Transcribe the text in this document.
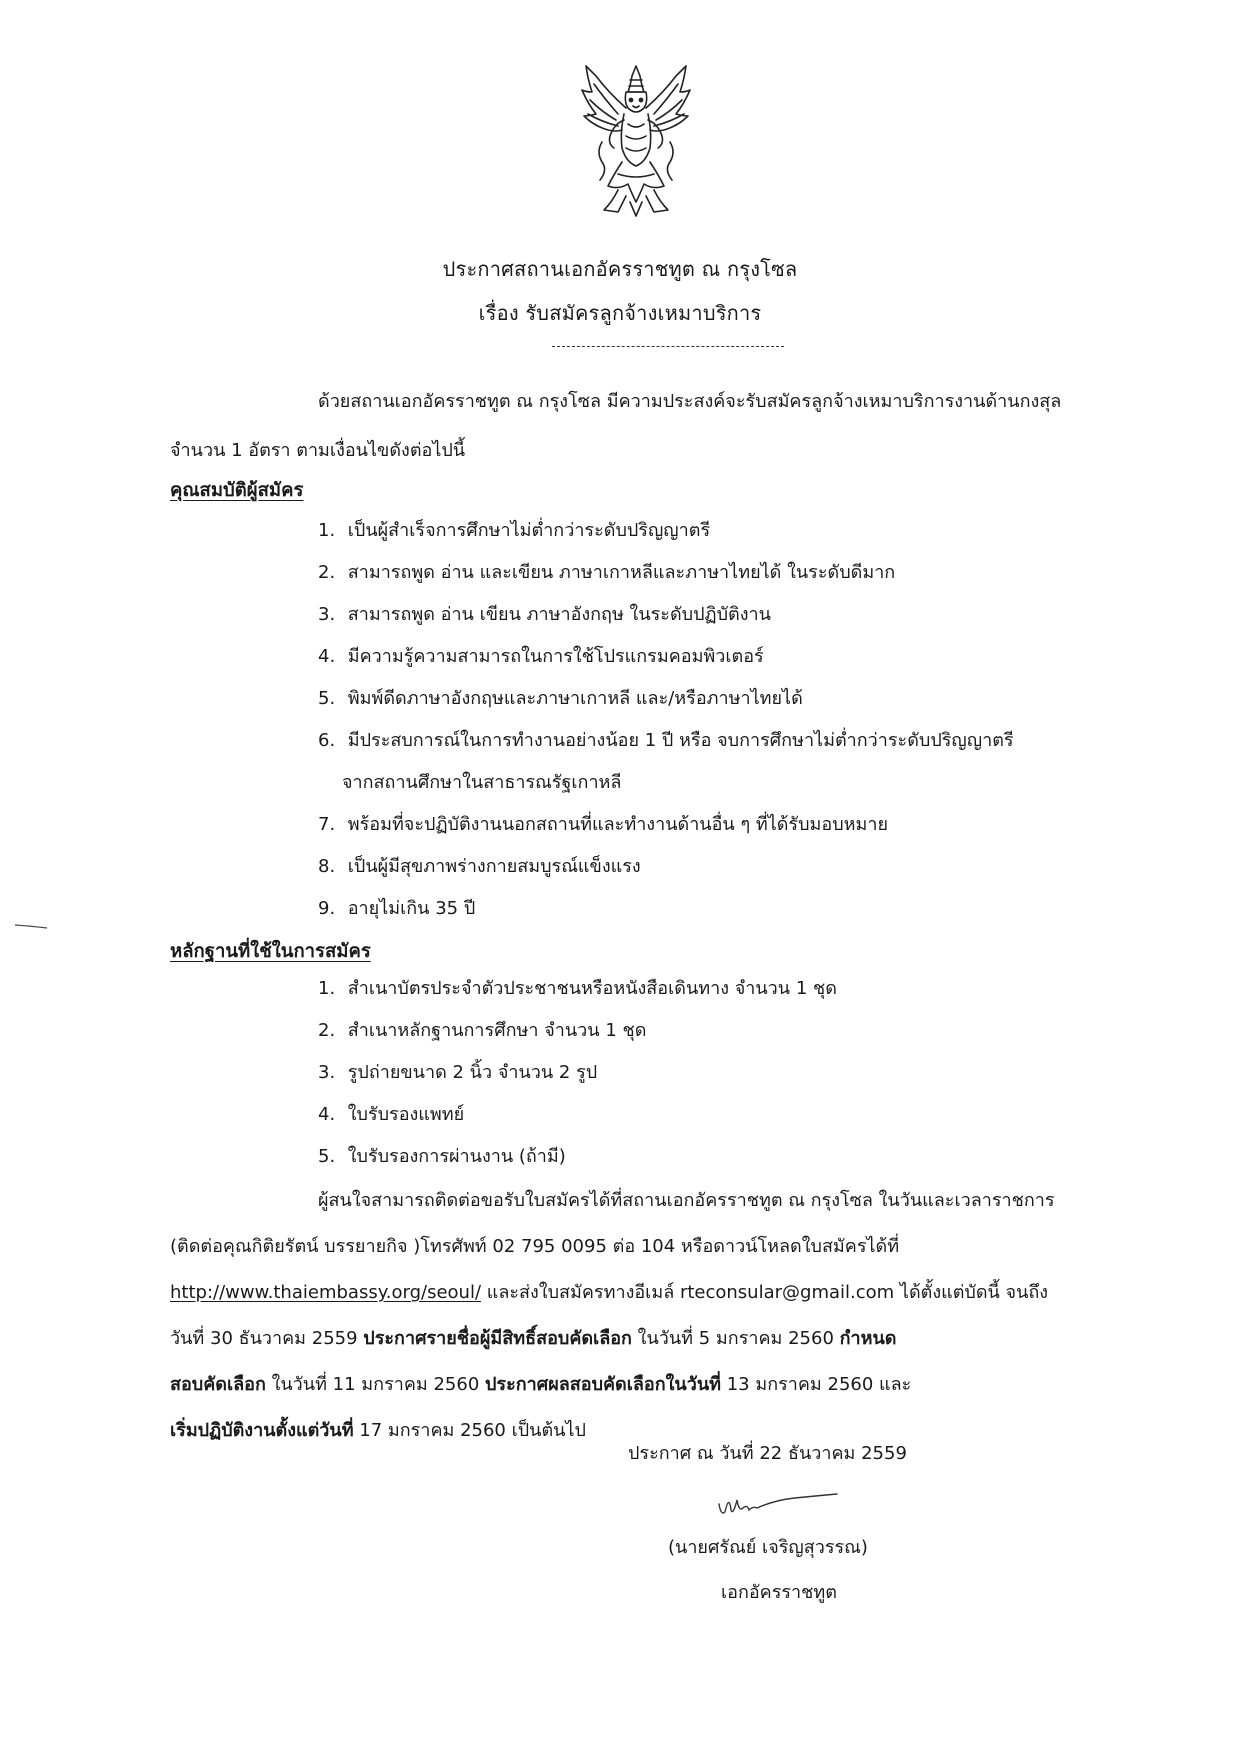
ประกาศสถานเอกอัครราชทูต ณ กรุงโซล
เรื่อง รับสมัครลูกจ้างเหมาบริการ
ด้วยสถานเอกอัครราชทูต ณ กรุงโซล มีความประสงค์จะรับสมัครลูกจ้างเหมาบริการงานด้านกงสุล
จำนวน 1 อัตรา ตามเงื่อนไขดังต่อไปนี้
คุณสมบัติผู้สมัคร
1. เป็นผู้สำเร็จการศึกษาไม่ต่ำกว่าระดับปริญญาตรี
2. สามารถพูด อ่าน และเขียน ภาษาเกาหลีและภาษาไทยได้ ในระดับดีมาก
3. สามารถพูด อ่าน เขียน ภาษาอังกฤษ ในระดับปฏิบัติงาน
4. มีความรู้ความสามารถในการใช้โปรแกรมคอมพิวเตอร์
5. พิมพ์ดีดภาษาอังกฤษและภาษาเกาหลี และ/หรือภาษาไทยได้
6. มีประสบการณ์ในการทำงานอย่างน้อย 1 ปี หรือ จบการศึกษาไม่ต่ำกว่าระดับปริญญาตรี
จากสถานศึกษาในสาธารณรัฐเกาหลี
7. พร้อมที่จะปฏิบัติงานนอกสถานที่และทำงานด้านอื่น ๆ ที่ได้รับมอบหมาย
8. เป็นผู้มีสุขภาพร่างกายสมบูรณ์แข็งแรง
9. อายุไม่เกิน 35 ปี
หลักฐานที่ใช้ในการสมัคร
1. สำเนาบัตรประจำตัวประชาชนหรือหนังสือเดินทาง จำนวน 1 ชุด
2. สำเนาหลักฐานการศึกษา จำนวน 1 ชุด
3. รูปถ่ายขนาด 2 นิ้ว จำนวน 2 รูป
4. ใบรับรองแพทย์
5. ใบรับรองการผ่านงาน (ถ้ามี)
ผู้สนใจสามารถติดต่อขอรับใบสมัครได้ที่สถานเอกอัครราชทูต ณ กรุงโซล ในวันและเวลาราชการ
(ติดต่อคุณกิติยรัตน์ บรรยายกิจ )โทรศัพท์ 02 795 0095 ต่อ 104 หรือดาวน์โหลดใบสมัครได้ที่
http://www.thaiembassy.org/seoul/ และส่งใบสมัครทางอีเมล์ rteconsular@gmail.com ได้ตั้งแต่บัดนี้ จนถึง
วันที่ 30 ธันวาคม 2559 ประกาศรายชื่อผู้มีสิทธิ์สอบคัดเลือก ในวันที่ 5 มกราคม 2560 กำหนด
สอบคัดเลือก ในวันที่ 11 มกราคม 2560 ประกาศผลสอบคัดเลือกในวันที่ 13 มกราคม 2560 และ
เริ่มปฏิบัติงานตั้งแต่วันที่ 17 มกราคม 2560 เป็นต้นไป
ประกาศ ณ วันที่ 22 ธันวาคม 2559
(นายศรัณย์ เจริญสุวรรณ)
เอกอัครราชทูต
